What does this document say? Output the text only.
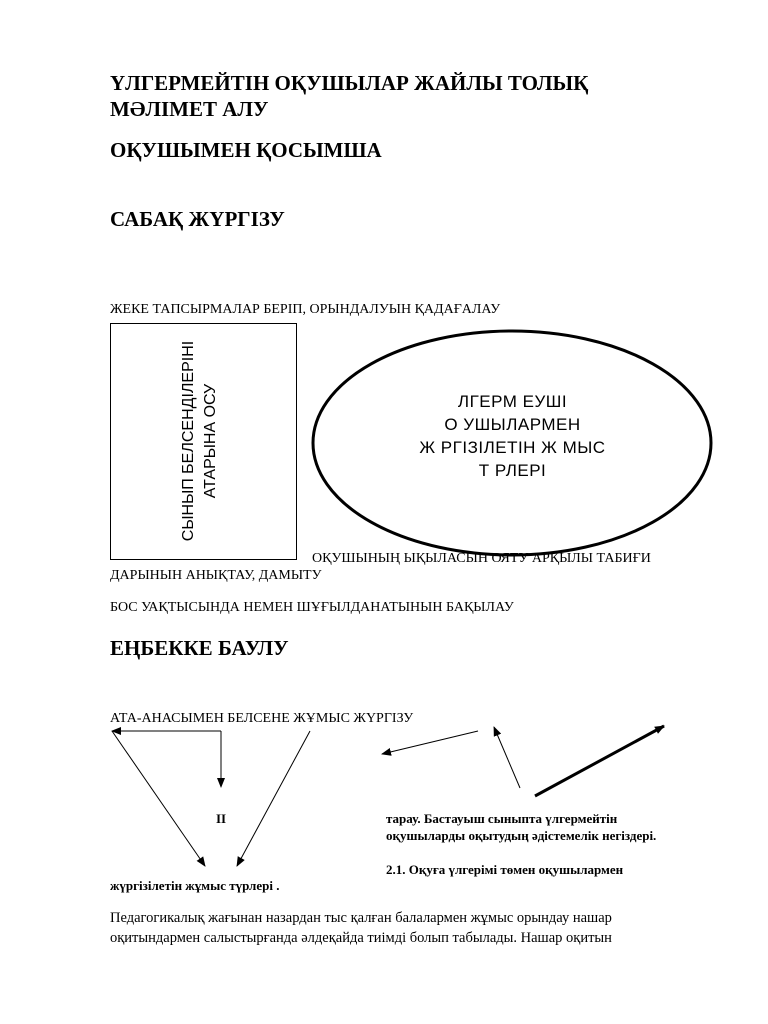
ҮЛГЕРМЕЙТІН ОҚУШЫЛАР ЖАЙЛЫ ТОЛЫҚ
МӘЛІМЕТ АЛУ
ОҚУШЫМЕН ҚОСЫМША
САБАҚ ЖҮРГІЗУ
ЖЕКЕ ТАПСЫРМАЛАР БЕРІП, ОРЫНДАЛУЫН ҚАДАҒАЛАУ
СЫНЫП БЕЛСЕНДІЛЕРІНІ АТАРЫНА ОСУ	ЛГЕРМ ЕУШІ
О УШЫЛАРМЕН
Ж РГІЗІЛЕТІН Ж МЫС
Т РЛЕРІ
ОҚУШЫНЫҢ ЫҚЫЛАСЫН ОЯТУ АРҚЫЛЫ ТАБИҒИ
ДАРЫНЫН АНЫҚТАУ, ДАМЫТУ
БОС УАҚТЫСЫНДА НЕМЕН ШҰҒЫЛДАНАТЫНЫН БАҚЫЛАУ
ЕҢБЕККЕ БАУЛУ
АТА-АНАСЫМЕН БЕЛСЕНЕ ЖҰМЫС ЖҮРГІЗУ
ІІ	тарау. Бастауыш сыныпта үлгермейтін
оқушыларды оқытудың әдістемелік негіздері.
2.1. Оқуға үлгерімі төмен оқушылармен
жүргізілетін жұмыс түрлері .
Педагогикалық жағынан назардан тыс қалған балалармен жұмыс орындау нашар
оқитындармен салыстырғанда әлдеқайда тиімді болып табылады. Нашар оқитын
